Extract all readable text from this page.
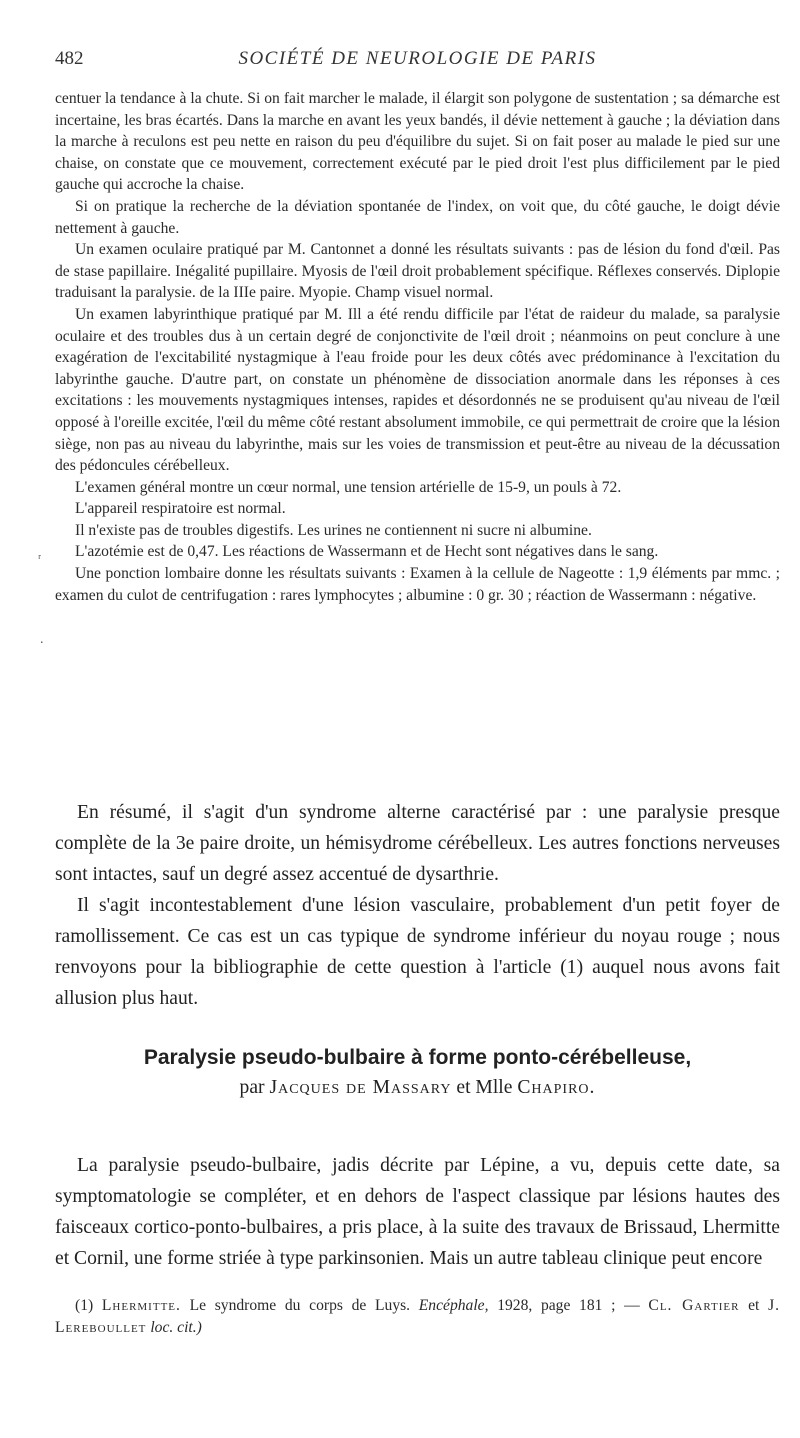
482	SOCIÉTÉ DE NEUROLOGIE DE PARIS

centuer la tendance à la chute. Si on fait marcher le malade, il élargit son polygone de sustentation ; sa démarche est incertaine, les bras écartés. Dans la marche en avant les yeux bandés, il dévie nettement à gauche ; la déviation dans la marche à reculons est peu nette en raison du peu d'équilibre du sujet. Si on fait poser au malade le pied sur une chaise, on constate que ce mouvement, correctement exécuté par le pied droit l'est plus difficilement par le pied gauche qui accroche la chaise.

Si on pratique la recherche de la déviation spontanée de l'index, on voit que, du côté gauche, le doigt dévie nettement à gauche.

Un examen oculaire pratiqué par M. Cantonnet a donné les résultats suivants : pas de lésion du fond d'œil. Pas de stase papillaire. Inégalité pupillaire. Myosis de l'œil droit probablement spécifique. Réflexes conservés. Diplopie traduisant la paralysie. de la IIIe paire. Myopie. Champ visuel normal.

Un examen labyrinthique pratiqué par M. Ill a été rendu difficile par l'état de raideur du malade, sa paralysie oculaire et des troubles dus à un certain degré de conjonctivite de l'œil droit ; néanmoins on peut conclure à une exagération de l'excitabilité nystagmique à l'eau froide pour les deux côtés avec prédominance à l'excitation du labyrinthe gauche. D'autre part, on constate un phénomène de dissociation anormale dans les réponses à ces excitations : les mouvements nystagmiques intenses, rapides et désordonnés ne se produisent qu'au niveau de l'œil opposé à l'oreille excitée, l'œil du même côté restant absolument immobile, ce qui permettrait de croire que la lésion siège, non pas au niveau du labyrinthe, mais sur les voies de transmission et peut-être au niveau de la décussation des pédoncules cérébelleux.

L'examen général montre un cœur normal, une tension artérielle de 15-9, un pouls à 72.

L'appareil respiratoire est normal.

Il n'existe pas de troubles digestifs. Les urines ne contiennent ni sucre ni albumine.

L'azotémie est de 0,47. Les réactions de Wassermann et de Hecht sont négatives dans le sang.

Une ponction lombaire donne les résultats suivants : Examen à la cellule de Nageotte : 1,9 éléments par mmc. ; examen du culot de centrifugation : rares lymphocytes ; albumine : 0 gr. 30 ; réaction de Wassermann : négative.

ʳ
.

En résumé, il s'agit d'un syndrome alterne caractérisé par : une paralysie presque complète de la 3e paire droite, un hémisydrome cérébelleux. Les autres fonctions nerveuses sont intactes, sauf un degré assez accentué de dysarthrie.

Il s'agit incontestablement d'une lésion vasculaire, probablement d'un petit foyer de ramollissement. Ce cas est un cas typique de syndrome inférieur du noyau rouge ; nous renvoyons pour la bibliographie de cette question à l'article (1) auquel nous avons fait allusion plus haut.

Paralysie pseudo-bulbaire à forme ponto-cérébelleuse,
par Jacques de Massary et Mlle Chapiro.

La paralysie pseudo-bulbaire, jadis décrite par Lépine, a vu, depuis cette date, sa symptomatologie se compléter, et en dehors de l'aspect classique par lésions hautes des faisceaux cortico-ponto-bulbaires, a pris place, à la suite des travaux de Brissaud, Lhermitte et Cornil, une forme striée à type parkinsonien. Mais un autre tableau clinique peut encore

(1) Lhermitte. Le syndrome du corps de Luys. Encéphale, 1928, page 181 ; — Cl. Gartier et J. Lereboullet loc. cit.)
